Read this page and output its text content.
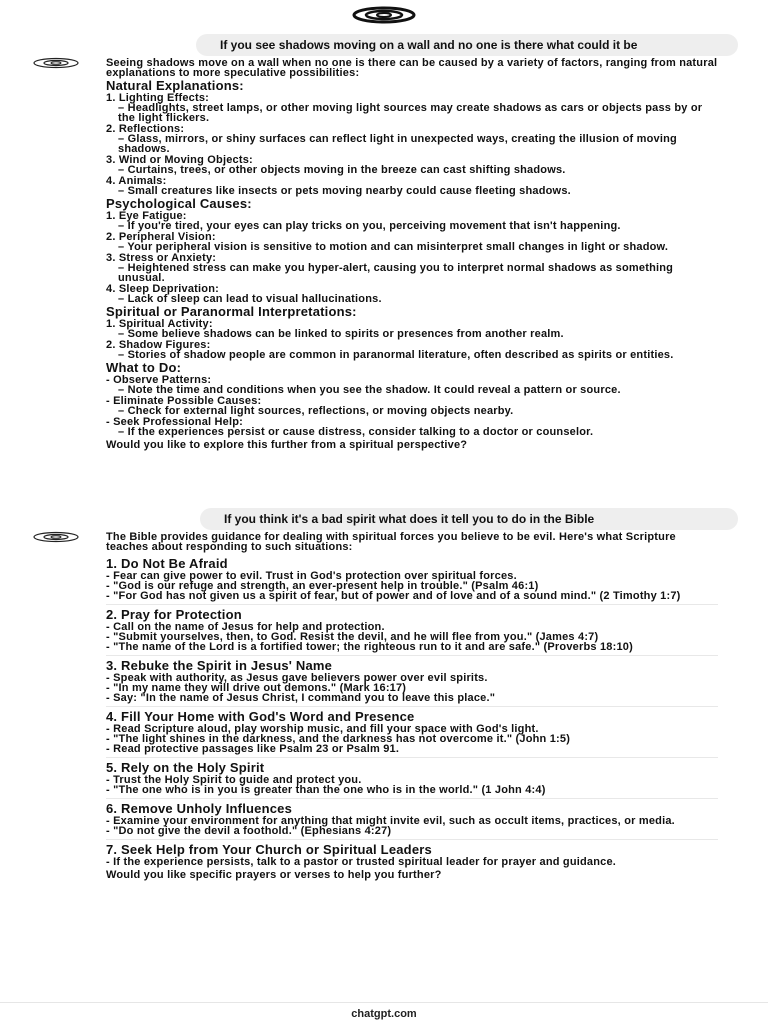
If you see shadows moving on a wall and no one is there what could it be

Seeing shadows move on a wall when no one is there can be caused by a variety of factors, ranging from natural explanations to more speculative possibilities:

Natural Explanations:
1. Lighting Effects:
– Headlights, street lamps, or other moving light sources may create shadows as cars or objects pass by or the light flickers.
2. Reflections:
– Glass, mirrors, or shiny surfaces can reflect light in unexpected ways, creating the illusion of moving shadows.
3. Wind or Moving Objects:
– Curtains, trees, or other objects moving in the breeze can cast shifting shadows.
4. Animals:
– Small creatures like insects or pets moving nearby could cause fleeting shadows.
Psychological Causes:
1. Eye Fatigue:
– If you're tired, your eyes can play tricks on you, perceiving movement that isn't happening.
2. Peripheral Vision:
– Your peripheral vision is sensitive to motion and can misinterpret small changes in light or shadow.
3. Stress or Anxiety:
– Heightened stress can make you hyper-alert, causing you to interpret normal shadows as something unusual.
4. Sleep Deprivation:
– Lack of sleep can lead to visual hallucinations.
Spiritual or Paranormal Interpretations:
1. Spiritual Activity:
– Some believe shadows can be linked to spirits or presences from another realm.
2. Shadow Figures:
– Stories of shadow people are common in paranormal literature, often described as spirits or entities.
What to Do:
- Observe Patterns:
– Note the time and conditions when you see the shadow. It could reveal a pattern or source.
- Eliminate Possible Causes:
– Check for external light sources, reflections, or moving objects nearby.
- Seek Professional Help:
– If the experiences persist or cause distress, consider talking to a doctor or counselor.

Would you like to explore this further from a spiritual perspective?

If you think it's a bad spirit what does it tell you to do in the Bible

The Bible provides guidance for dealing with spiritual forces you believe to be evil. Here's what Scripture teaches about responding to such situations:

1. Do Not Be Afraid
- Fear can give power to evil. Trust in God's protection over spiritual forces.
- "God is our refuge and strength, an ever-present help in trouble." (Psalm 46:1)
- "For God has not given us a spirit of fear, but of power and of love and of a sound mind." (2 Timothy 1:7)
2. Pray for Protection
- Call on the name of Jesus for help and protection.
- "Submit yourselves, then, to God. Resist the devil, and he will flee from you." (James 4:7)
- "The name of the Lord is a fortified tower; the righteous run to it and are safe." (Proverbs 18:10)
3. Rebuke the Spirit in Jesus' Name
- Speak with authority, as Jesus gave believers power over evil spirits.
- "In my name they will drive out demons." (Mark 16:17)
- Say: "In the name of Jesus Christ, I command you to leave this place."
4. Fill Your Home with God's Word and Presence
- Read Scripture aloud, play worship music, and fill your space with God's light.
- "The light shines in the darkness, and the darkness has not overcome it." (John 1:5)
- Read protective passages like Psalm 23 or Psalm 91.
5. Rely on the Holy Spirit
- Trust the Holy Spirit to guide and protect you.
- "The one who is in you is greater than the one who is in the world." (1 John 4:4)
6. Remove Unholy Influences
- Examine your environment for anything that might invite evil, such as occult items, practices, or media.
- "Do not give the devil a foothold." (Ephesians 4:27)
7. Seek Help from Your Church or Spiritual Leaders
- If the experience persists, talk to a pastor or trusted spiritual leader for prayer and guidance.

Would you like specific prayers or verses to help you further?

chatgpt.com
